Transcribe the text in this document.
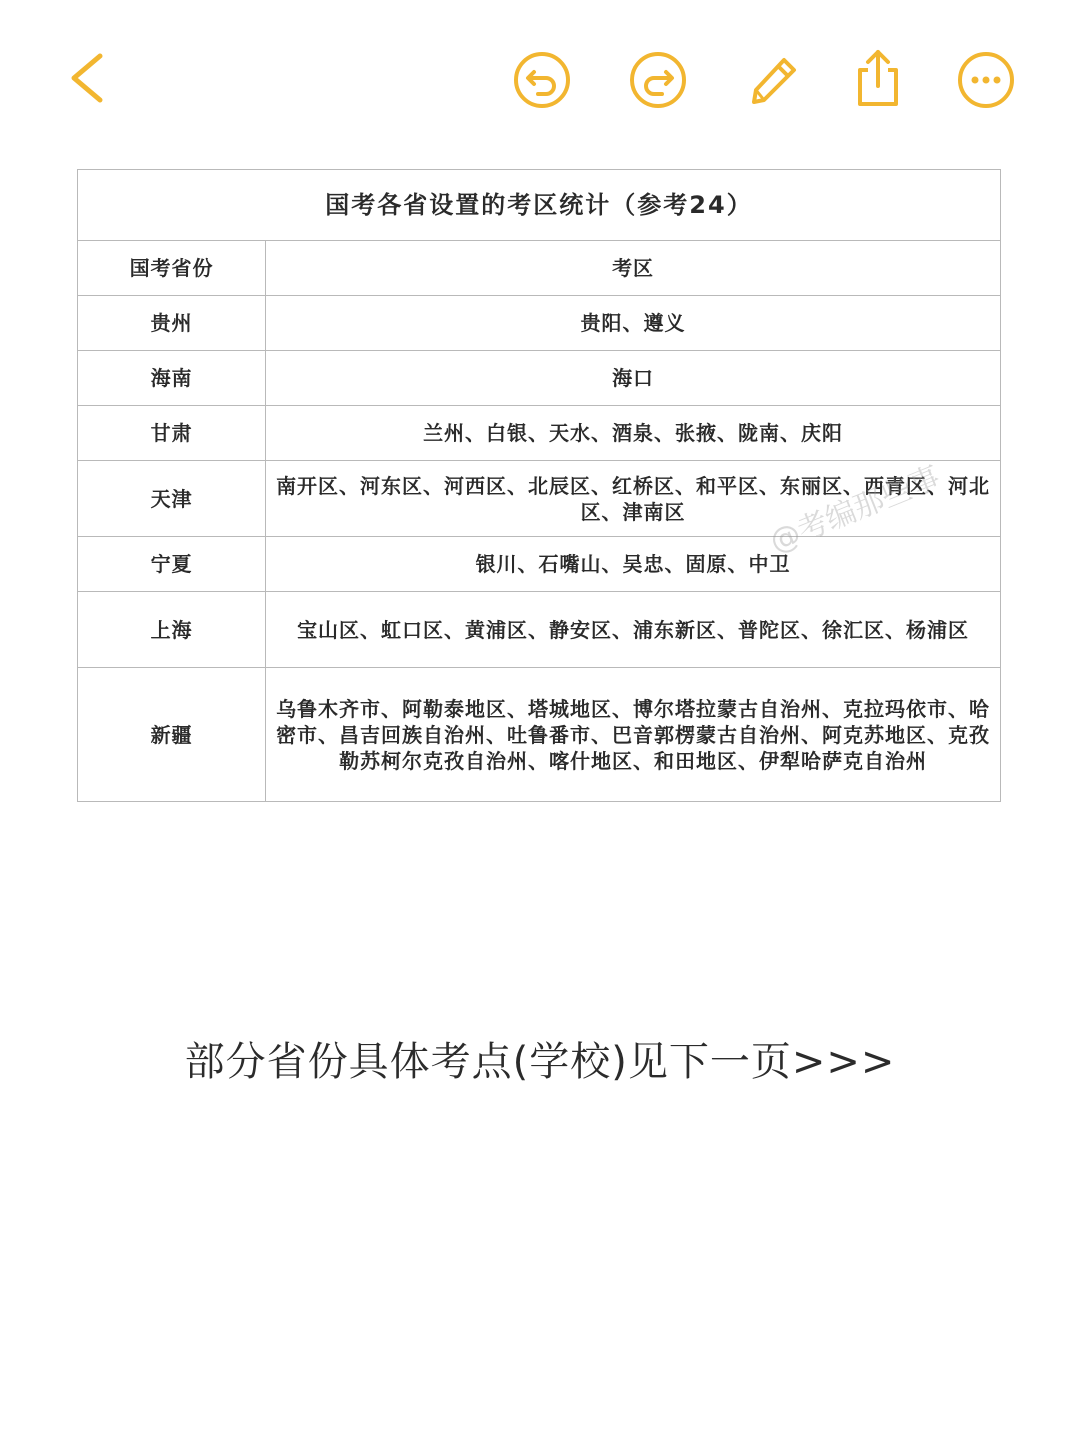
国考各省设置的考区统计（参考24）	
国考省份	考区
贵州	贵阳、遵义
海南	海口
甘肃	兰州、白银、天水、酒泉、张掖、陇南、庆阳
天津	南开区、河东区、河西区、北辰区、红桥区、和平区、东丽区、西青区、河北区、津南区
宁夏	银川、石嘴山、吴忠、固原、中卫
上海	宝山区、虹口区、黄浦区、静安区、浦东新区、普陀区、徐汇区、杨浦区
新疆	乌鲁木齐市、阿勒泰地区、塔城地区、博尔塔拉蒙古自治州、克拉玛依市、哈密市、昌吉回族自治州、吐鲁番市、巴音郭楞蒙古自治州、阿克苏地区、克孜勒苏柯尔克孜自治州、喀什地区、和田地区、伊犁哈萨克自治州
@考编那些事
部分省份具体考点(学校)见下一页>>>
